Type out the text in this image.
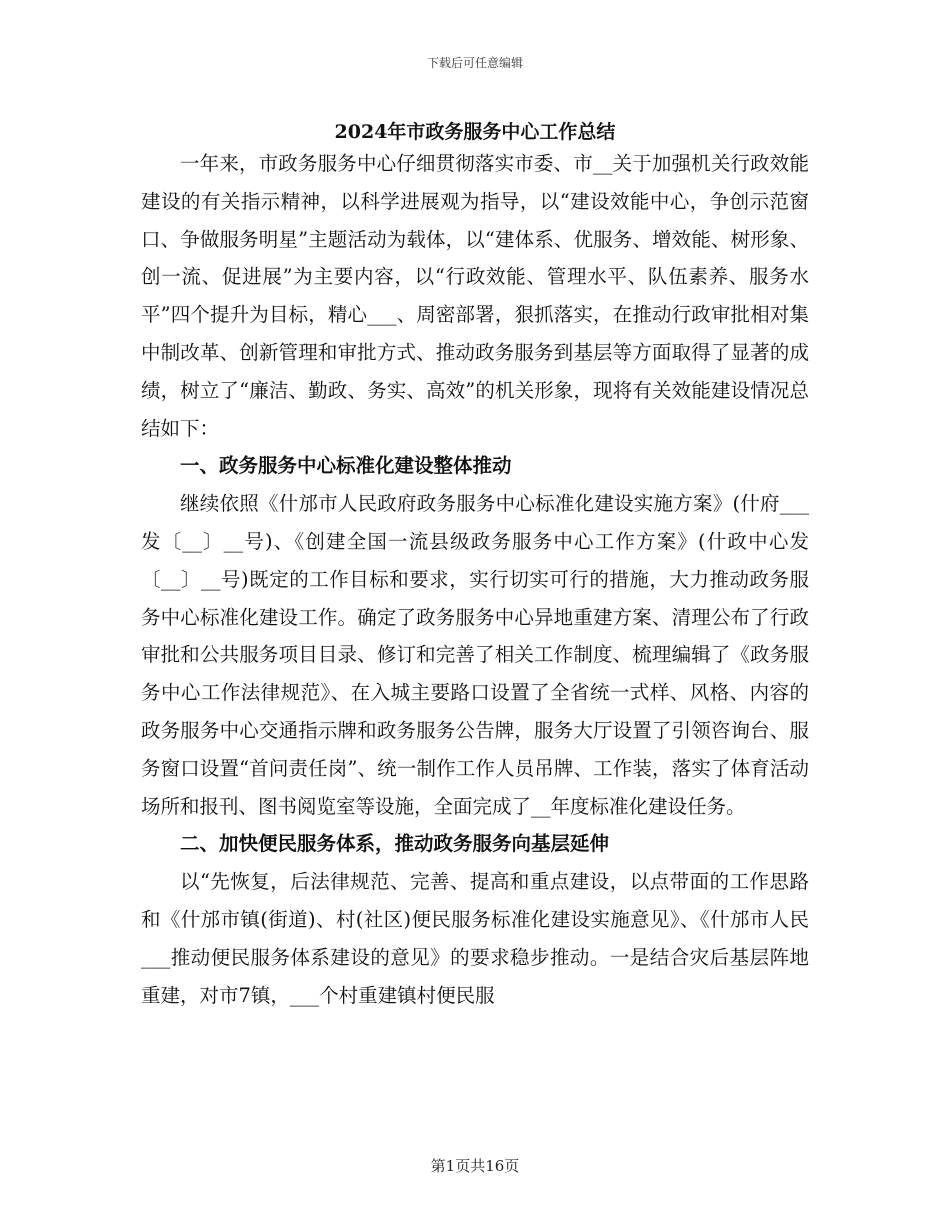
下载后可任意编辑
2024年市政务服务中心工作总结

一年来，市政务服务中心仔细贯彻落实市委、市__关于加强机关行政效能建设的有关指示精神，以科学进展观为指导，以“建设效能中心，争创示范窗口、争做服务明星”主题活动为载体，以“建体系、优服务、增效能、树形象、创一流、促进展”为主要内容，以“行政效能、管理水平、队伍素养、服务水平”四个提升为目标，精心___、周密部署，狠抓落实，在推动行政审批相对集中制改革、创新管理和审批方式、推动政务服务到基层等方面取得了显著的成绩，树立了“廉洁、勤政、务实、高效”的机关形象，现将有关效能建设情况总结如下：

一、政务服务中心标准化建设整体推动

继续依照《什邡市人民政府政务服务中心标准化建设实施方案》(什府___发〔__〕__号)、《创建全国一流县级政务服务中心工作方案》(什政中心发〔__〕__号)既定的工作目标和要求，实行切实可行的措施，大力推动政务服务中心标准化建设工作。确定了政务服务中心异地重建方案、清理公布了行政审批和公共服务项目目录、修订和完善了相关工作制度、梳理编辑了《政务服务中心工作法律规范》、在入城主要路口设置了全省统一式样、风格、内容的政务服务中心交通指示牌和政务服务公告牌，服务大厅设置了引领咨询台、服务窗口设置“首问责任岗”、统一制作工作人员吊牌、工作装，落实了体育活动场所和报刊、图书阅览室等设施，全面完成了__年度标准化建设任务。

二、加快便民服务体系，推动政务服务向基层延伸

以“先恢复，后法律规范、完善、提高和重点建设，以点带面的工作思路和《什邡市镇(街道)、村(社区)便民服务标准化建设实施意见》、《什邡市人民___推动便民服务体系建设的意见》的要求稳步推动。一是结合灾后基层阵地重建，对市7镇，___个村重建镇村便民服

第1页共16页
